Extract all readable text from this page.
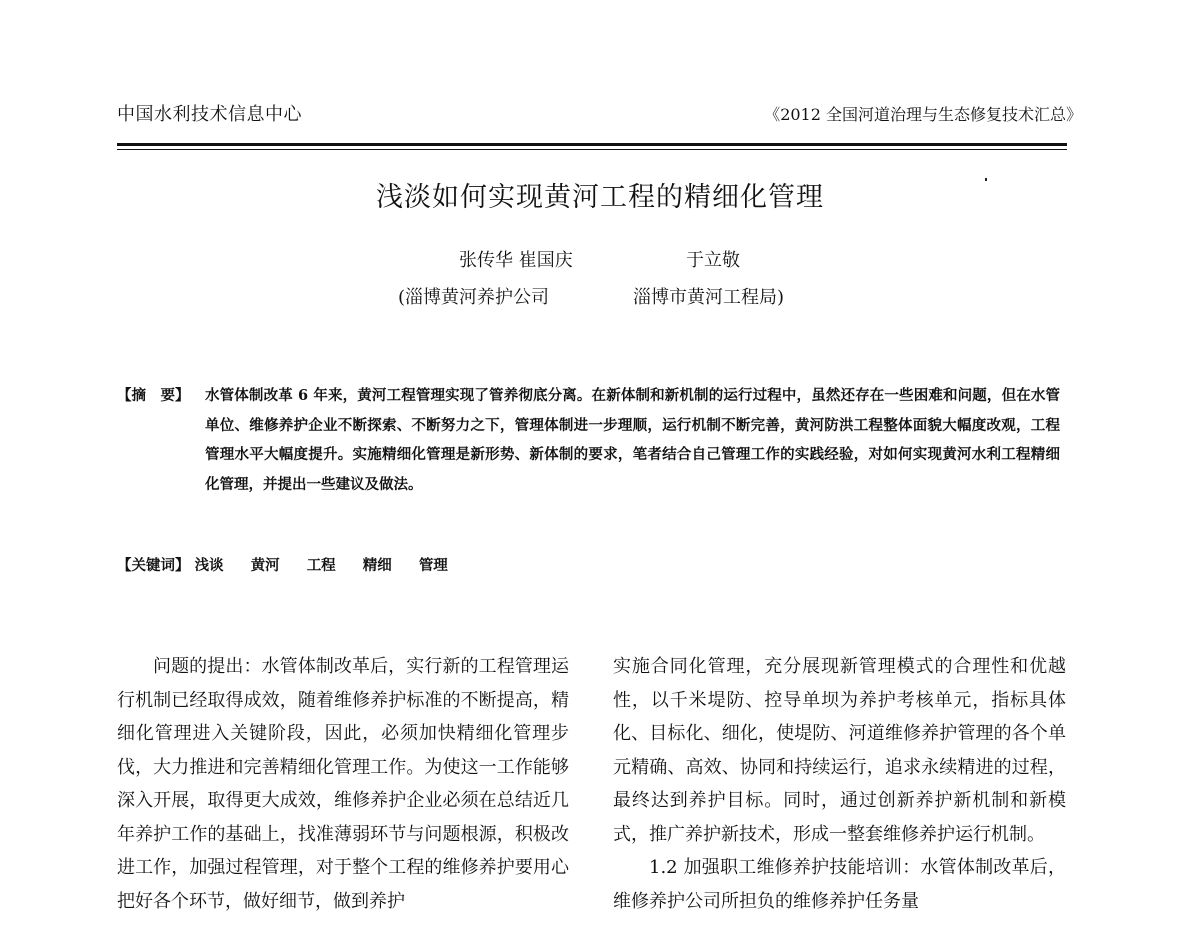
中国水利技术信息中心	《2012 全国河道治理与生态修复技术汇总》
浅淡如何实现黄河工程的精细化管理
张传华 崔国庆	于立敬
(淄博黄河养护公司	淄博市黄河工程局)
【摘　要】 水管体制改革 6 年来，黄河工程管理实现了管养彻底分离。在新体制和新机制的运行过程中，虽然还存在一些困难和问题，但在水管单位、维修养护企业不断探索、不断努力之下，管理体制进一步理顺，运行机制不断完善，黄河防洪工程整体面貌大幅度改观，工程管理水平大幅度提升。实施精细化管理是新形势、新体制的要求，笔者结合自己管理工作的实践经验，对如何实现黄河水利工程精细化管理，并提出一些建议及做法。
【关键词】 浅谈 黄河 工程 精细 管理

问题的提出：水管体制改革后，实行新的工程管理运行机制已经取得成效，随着维修养护标准的不断提高，精细化管理进入关键阶段，因此，必须加快精细化管理步伐，大力推进和完善精细化管理工作。为使这一工作能够深入开展，取得更大成效，维修养护企业必须在总结近几年养护工作的基础上，找准薄弱环节与问题根源，积极改进工作，加强过程管理，对于整个工程的维修养护要用心把好各个环节，做好细节，做到养护

实施合同化管理，充分展现新管理模式的合理性和优越性，以千米堤防、控导单坝为养护考核单元，指标具体化、目标化、细化，使堤防、河道维修养护管理的各个单元精确、高效、协同和持续运行，追求永续精进的过程，最终达到养护目标。同时，通过创新养护新机制和新模式，推广养护新技术，形成一整套维修养护运行机制。

1.2 加强职工维修养护技能培训：水管体制改革后，维修养护公司所担负的维修养护任务量
